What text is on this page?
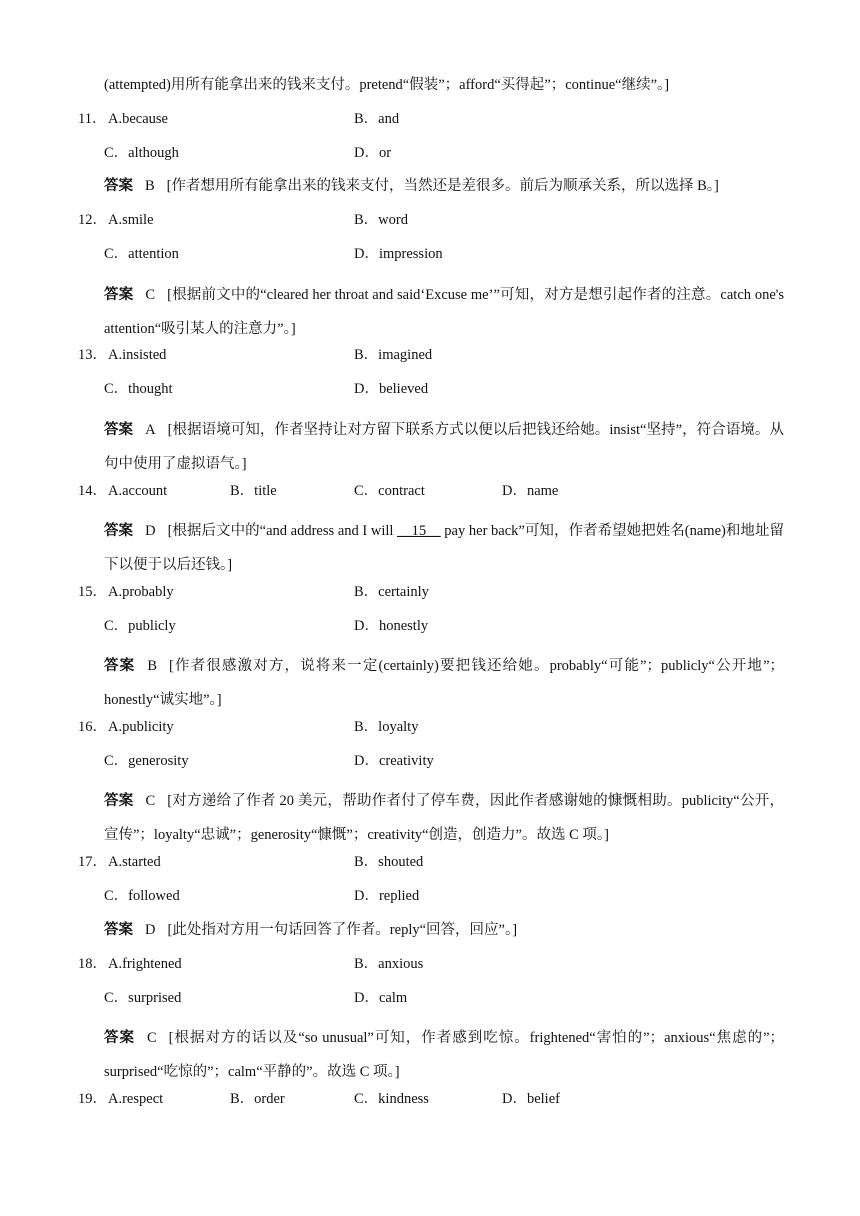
(attempted)用所有能拿出来的钱来支付。pretend“假装”；afford“买得起”；continue“继续”。]
11． A.because	B．and
C．although	D．or
答案 B [作者想用所有能拿出来的钱来支付，当然还是差很多。前后为顺承关系，所以选择 B。]
12． A.smile	B．word
C．attention	D．impression
答案 C [根据前文中的“cleared her throat and said‘Excuse me’”可知，对方是想引起作者的注意。catch one's attention“吸引某人的注意力”。]
13． A.insisted	B．imagined
C．thought	D．believed
答案 A [根据语境可知，作者坚持让对方留下联系方式以便以后把钱还给她。insist“坚持”，符合语境。从句中使用了虚拟语气。]
14． A.account	B．title	C．contract	D．name
答案 D [根据后文中的“and address and I will __15__ pay her back”可知，作者希望她把姓名(name)和地址留下以便于以后还钱。]
15． A.probably	B．certainly
C．publicly	D．honestly
答案 B [作者很感激对方，说将来一定(certainly)要把钱还给她。probably“可能”；publicly“公开地”；honestly“诚实地”。]
16． A.publicity	B．loyalty
C．generosity	D．creativity
答案 C [对方递给了作者 20 美元，帮助作者付了停车费，因此作者感谢她的慷慨相助。publicity“公开，宣传”；loyalty“忠诚”；generosity“慷慨”；creativity“创造，创造力”。故选 C 项。]
17． A.started	B．shouted
C．followed	D．replied
答案 D [此处指对方用一句话回答了作者。reply“回答，回应”。]
18． A.frightened	B．anxious
C．surprised	D．calm
答案 C [根据对方的话以及“so unusual”可知，作者感到吃惊。frightened“害怕的”；anxious“焦虑的”；surprised“吃惊的”；calm“平静的”。故选 C 项。]
19． A.respect	B．order	C．kindness	D．belief
